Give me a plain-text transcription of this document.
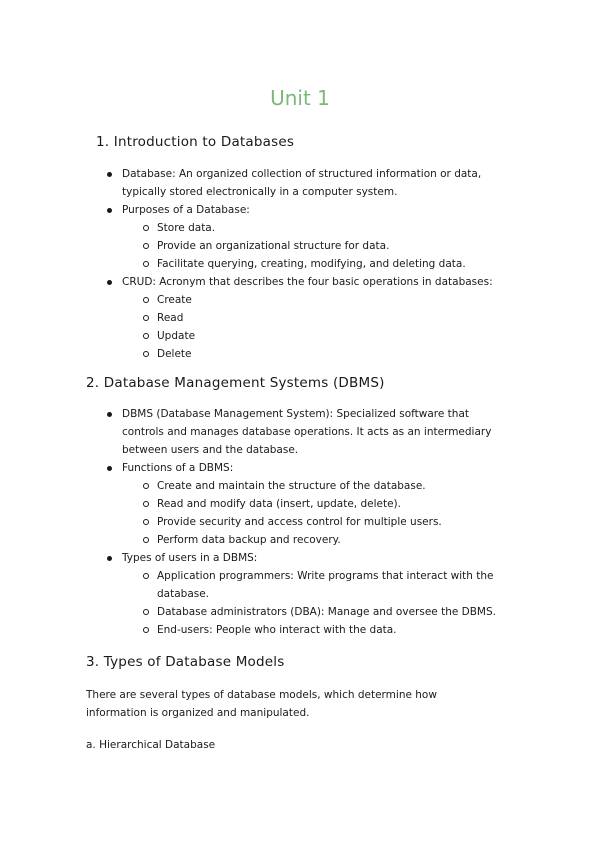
Unit 1
1. Introduction to Databases
Database: An organized collection of structured information or data, typically stored electronically in a computer system.
Purposes of a Database:
Store data.
Provide an organizational structure for data.
Facilitate querying, creating, modifying, and deleting data.
CRUD: Acronym that describes the four basic operations in databases:
Create
Read
Update
Delete
2. Database Management Systems (DBMS)
DBMS (Database Management System): Specialized software that controls and manages database operations. It acts as an intermediary between users and the database.
Functions of a DBMS:
Create and maintain the structure of the database.
Read and modify data (insert, update, delete).
Provide security and access control for multiple users.
Perform data backup and recovery.
Types of users in a DBMS:
Application programmers: Write programs that interact with the database.
Database administrators (DBA): Manage and oversee the DBMS.
End-users: People who interact with the data.
3. Types of Database Models

There are several types of database models, which determine how information is organized and manipulated.

a. Hierarchical Database
